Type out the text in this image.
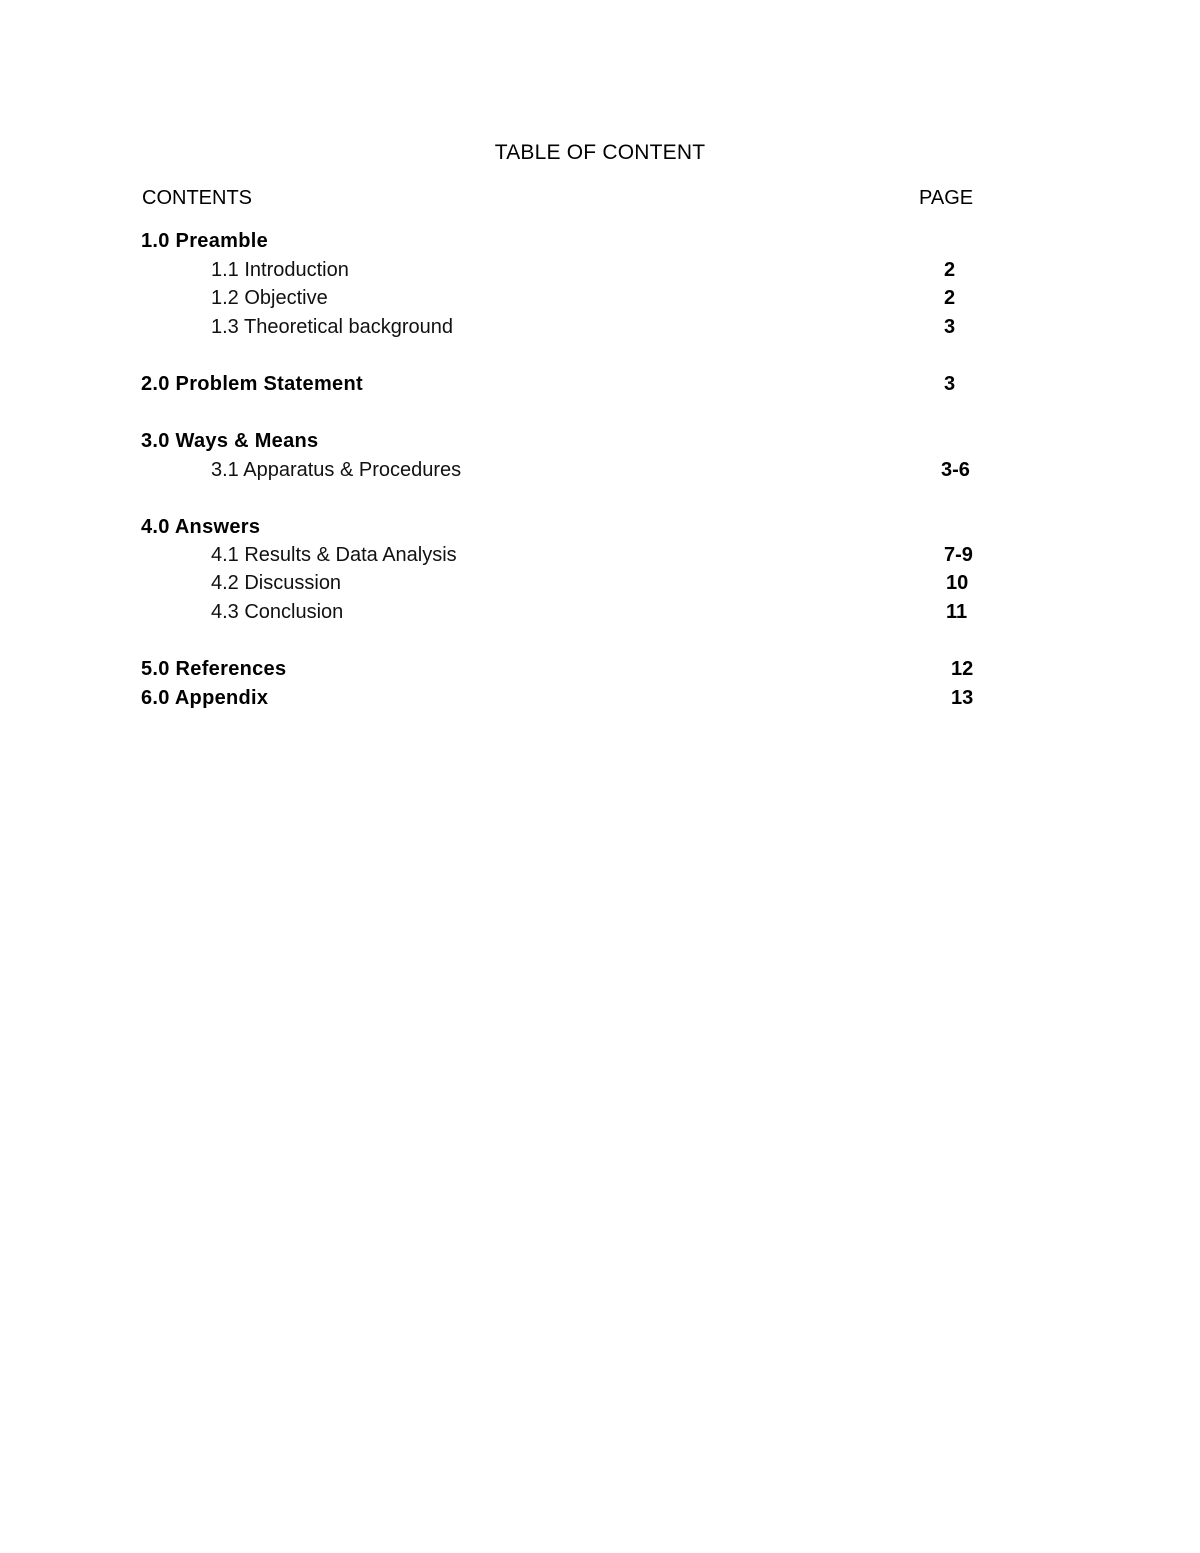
TABLE OF CONTENT
CONTENTS	PAGE
1.0 Preamble
1.1 Introduction	2
1.2 Objective	2
1.3 Theoretical background	3
2.0 Problem Statement	3
3.0 Ways & Means
3.1 Apparatus & Procedures	3-6
4.0 Answers
4.1 Results & Data Analysis	7-9
4.2 Discussion	10
4.3 Conclusion	11
5.0 References	12
6.0 Appendix	13
